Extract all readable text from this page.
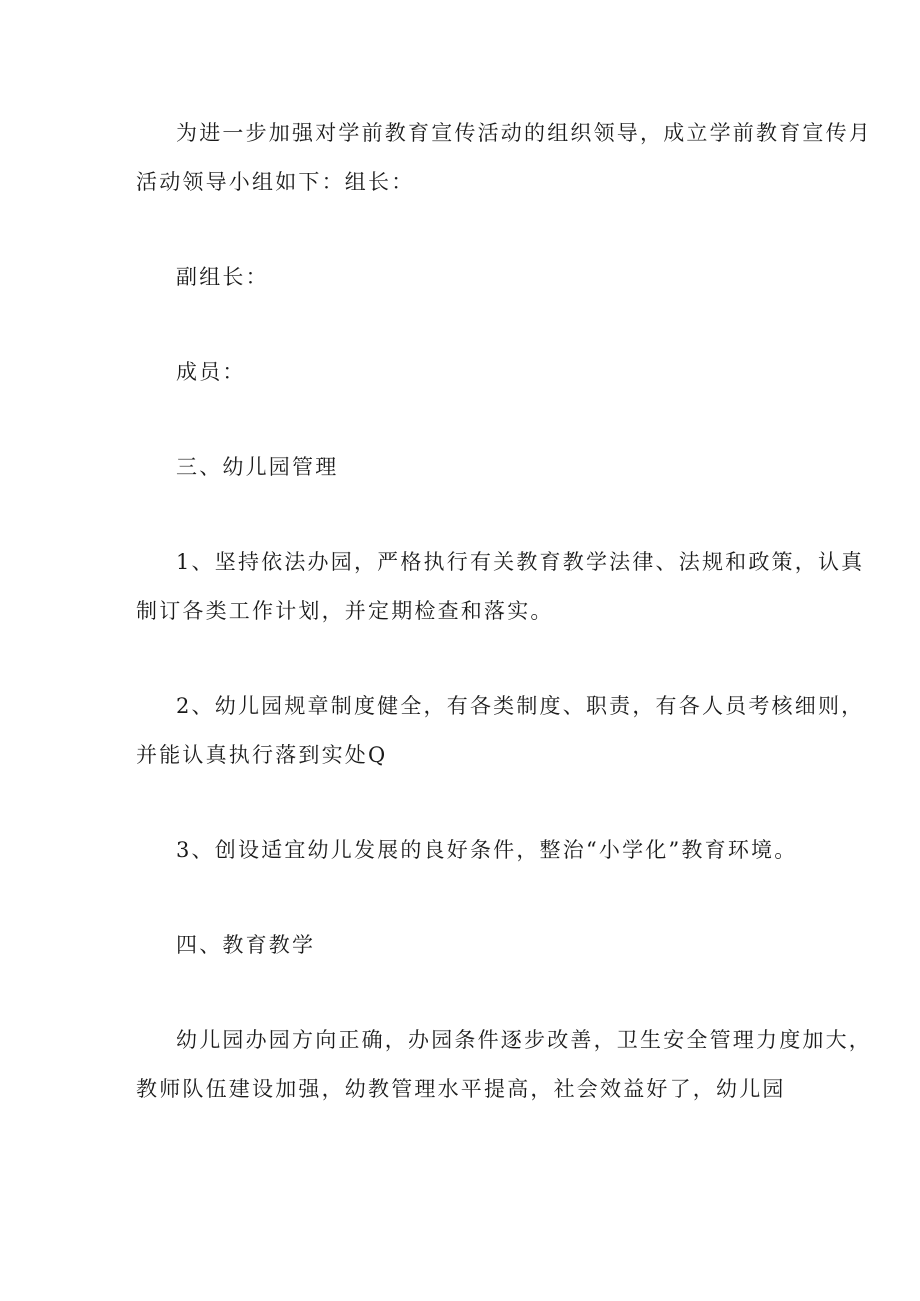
为进一步加强对学前教育宣传活动的组织领导，成立学前教育宣传月
活动领导小组如下：组长：
副组长：
成员：
三、幼儿园管理
1、坚持依法办园，严格执行有关教育教学法律、法规和政策，认真
制订各类工作计划，并定期检查和落实。
2、幼儿园规章制度健全，有各类制度、职责，有各人员考核细则，
并能认真执行落到实处Q
3、创设适宜幼儿发展的良好条件，整治“小学化”教育环境。
四、教育教学
幼儿园办园方向正确，办园条件逐步改善，卫生安全管理力度加大，
教师队伍建设加强，幼教管理水平提高，社会效益好了，幼儿园
